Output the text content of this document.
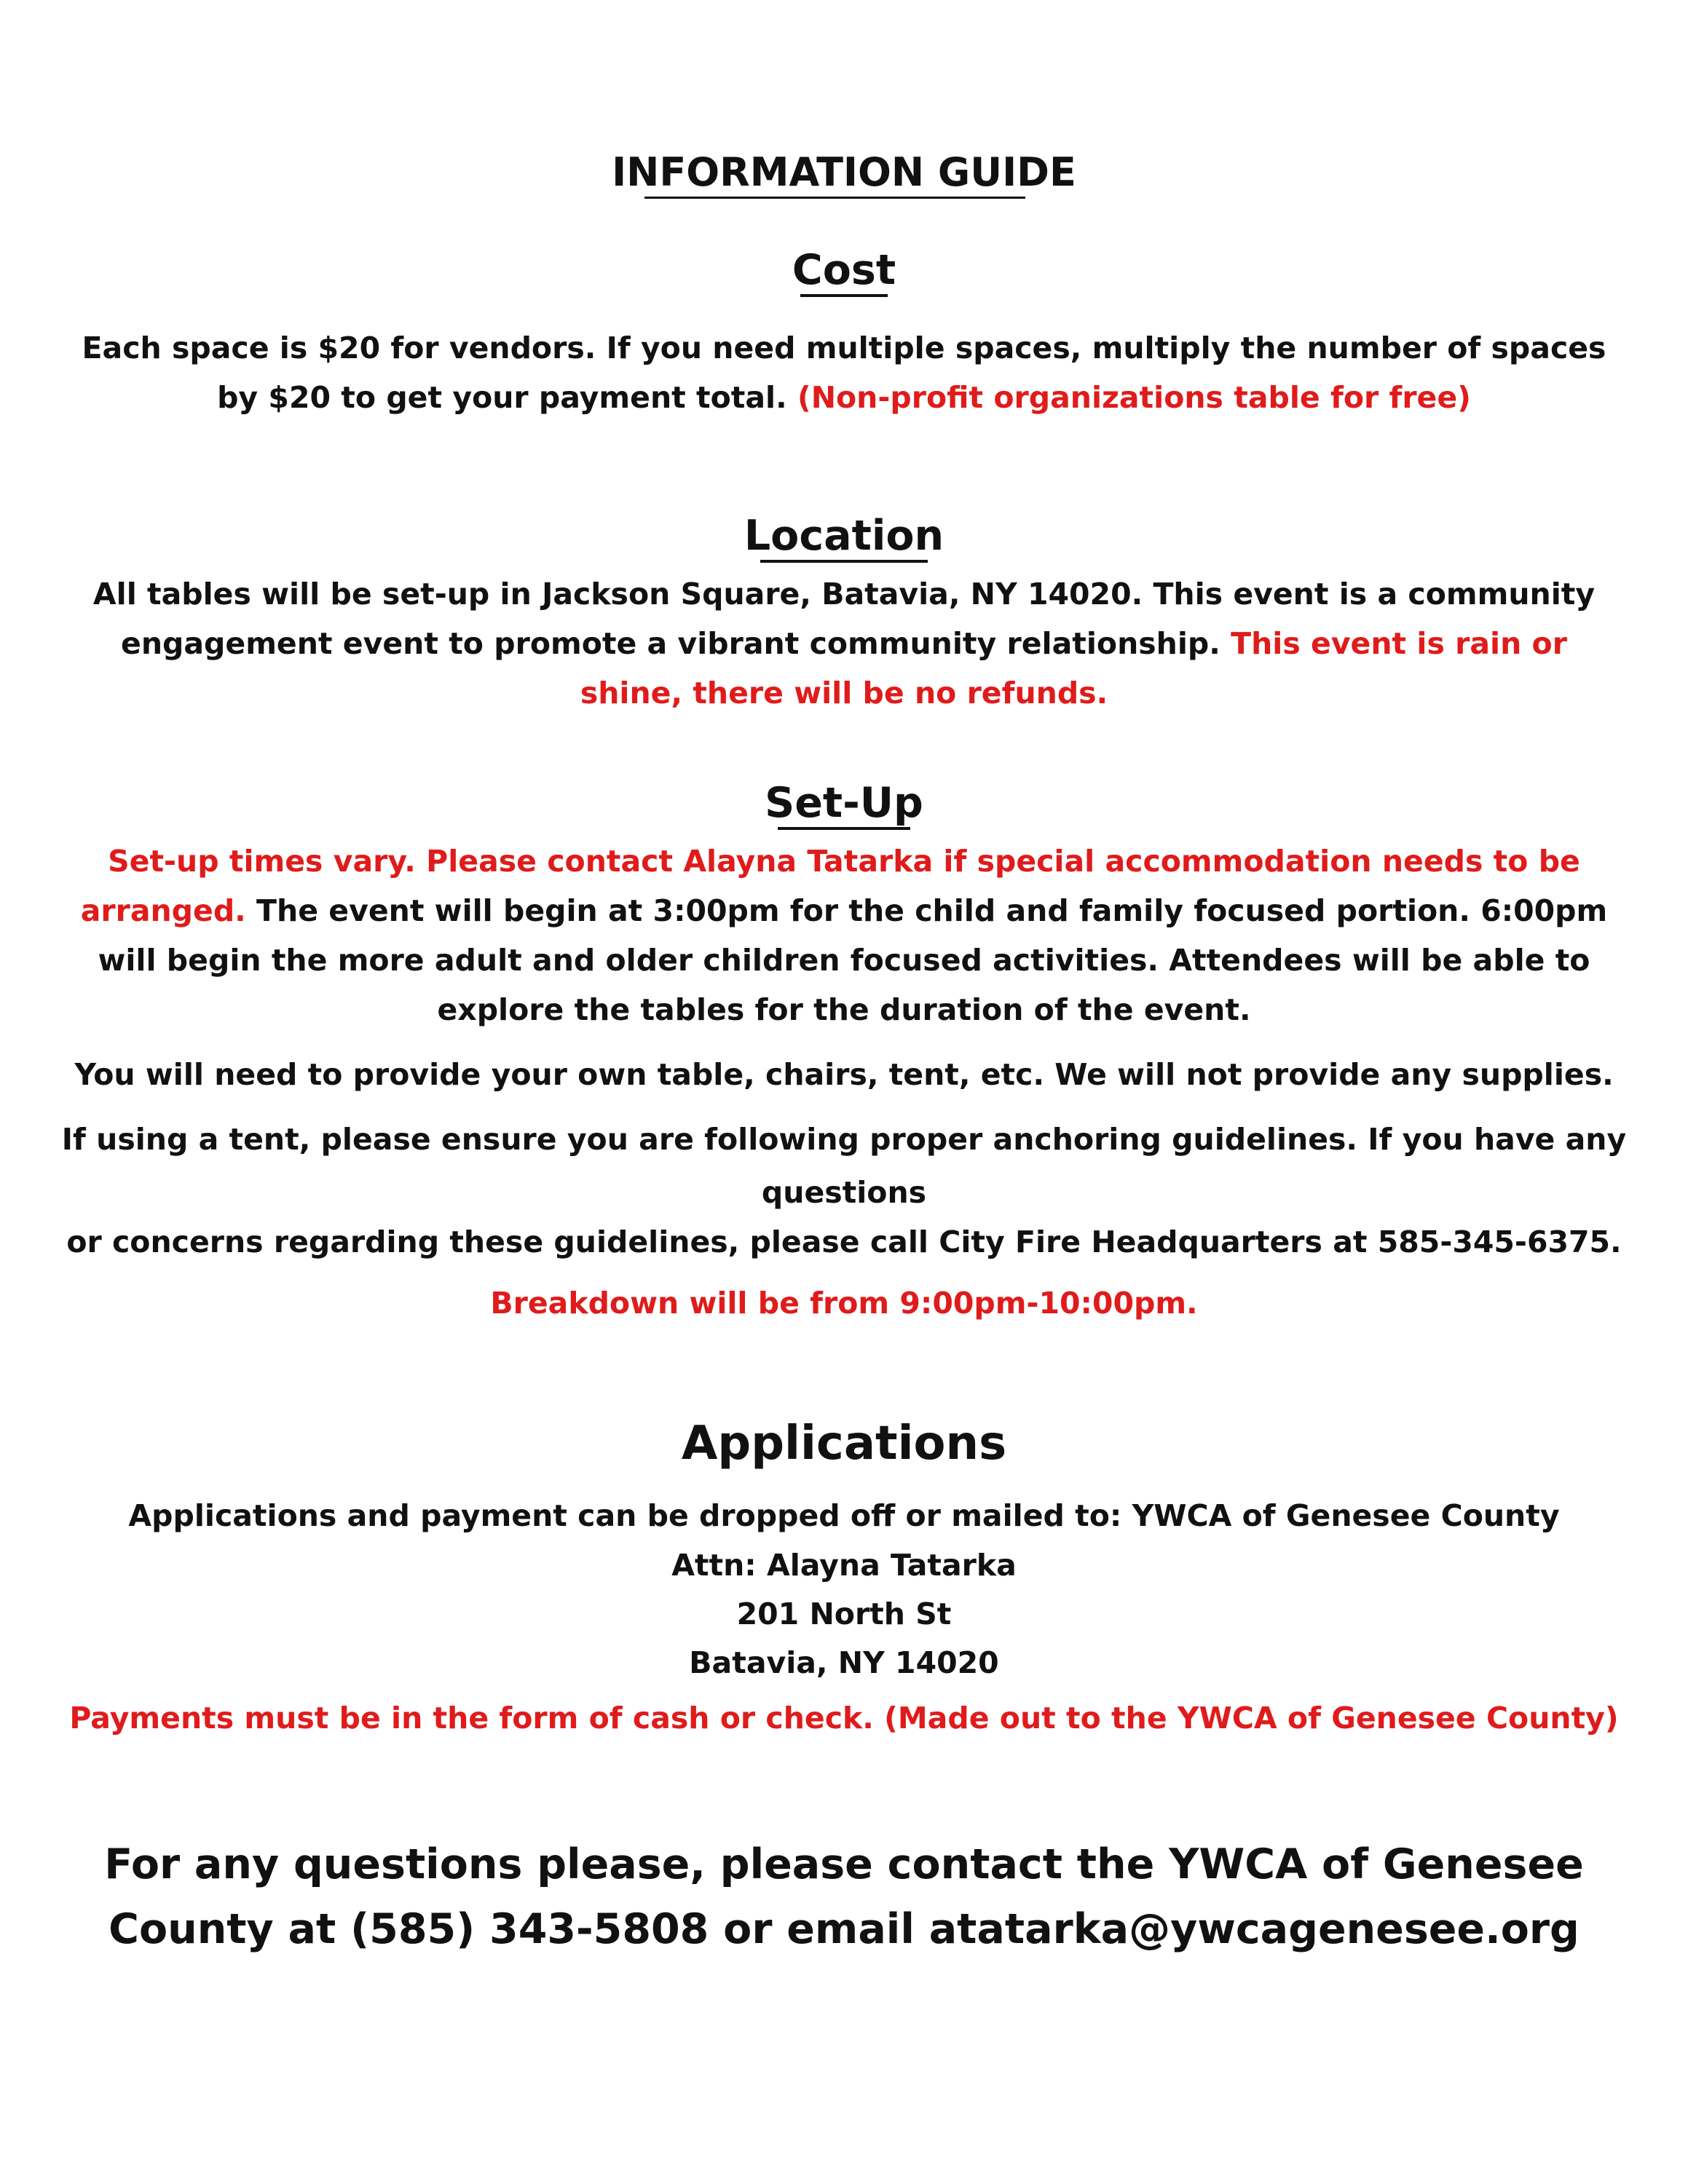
INFORMATION GUIDE
Cost
Each space is $20 for vendors. If you need multiple spaces, multiply the number of spaces
by $20 to get your payment total. (Non-profit organizations table for free)
Location
All tables will be set-up in Jackson Square, Batavia, NY 14020. This event is a community
engagement event to promote a vibrant community relationship. This event is rain or
shine, there will be no refunds.
Set-Up
Set-up times vary. Please contact Alayna Tatarka if special accommodation needs to be
arranged. The event will begin at 3:00pm for the child and family focused portion. 6:00pm
will begin the more adult and older children focused activities. Attendees will be able to
explore the tables for the duration of the event.
You will need to provide your own table, chairs, tent, etc. We will not provide any supplies.
If using a tent, please ensure you are following proper anchoring guidelines. If you have any
questions
or concerns regarding these guidelines, please call City Fire Headquarters at 585-345-6375.
Breakdown will be from 9:00pm-10:00pm.
Applications
Applications and payment can be dropped off or mailed to: YWCA of Genesee County
Attn: Alayna Tatarka
201 North St
Batavia, NY 14020
Payments must be in the form of cash or check. (Made out to the YWCA of Genesee County)
For any questions please, please contact the YWCA of Genesee
County at (585) 343-5808 or email atatarka@ywcagenesee.org
